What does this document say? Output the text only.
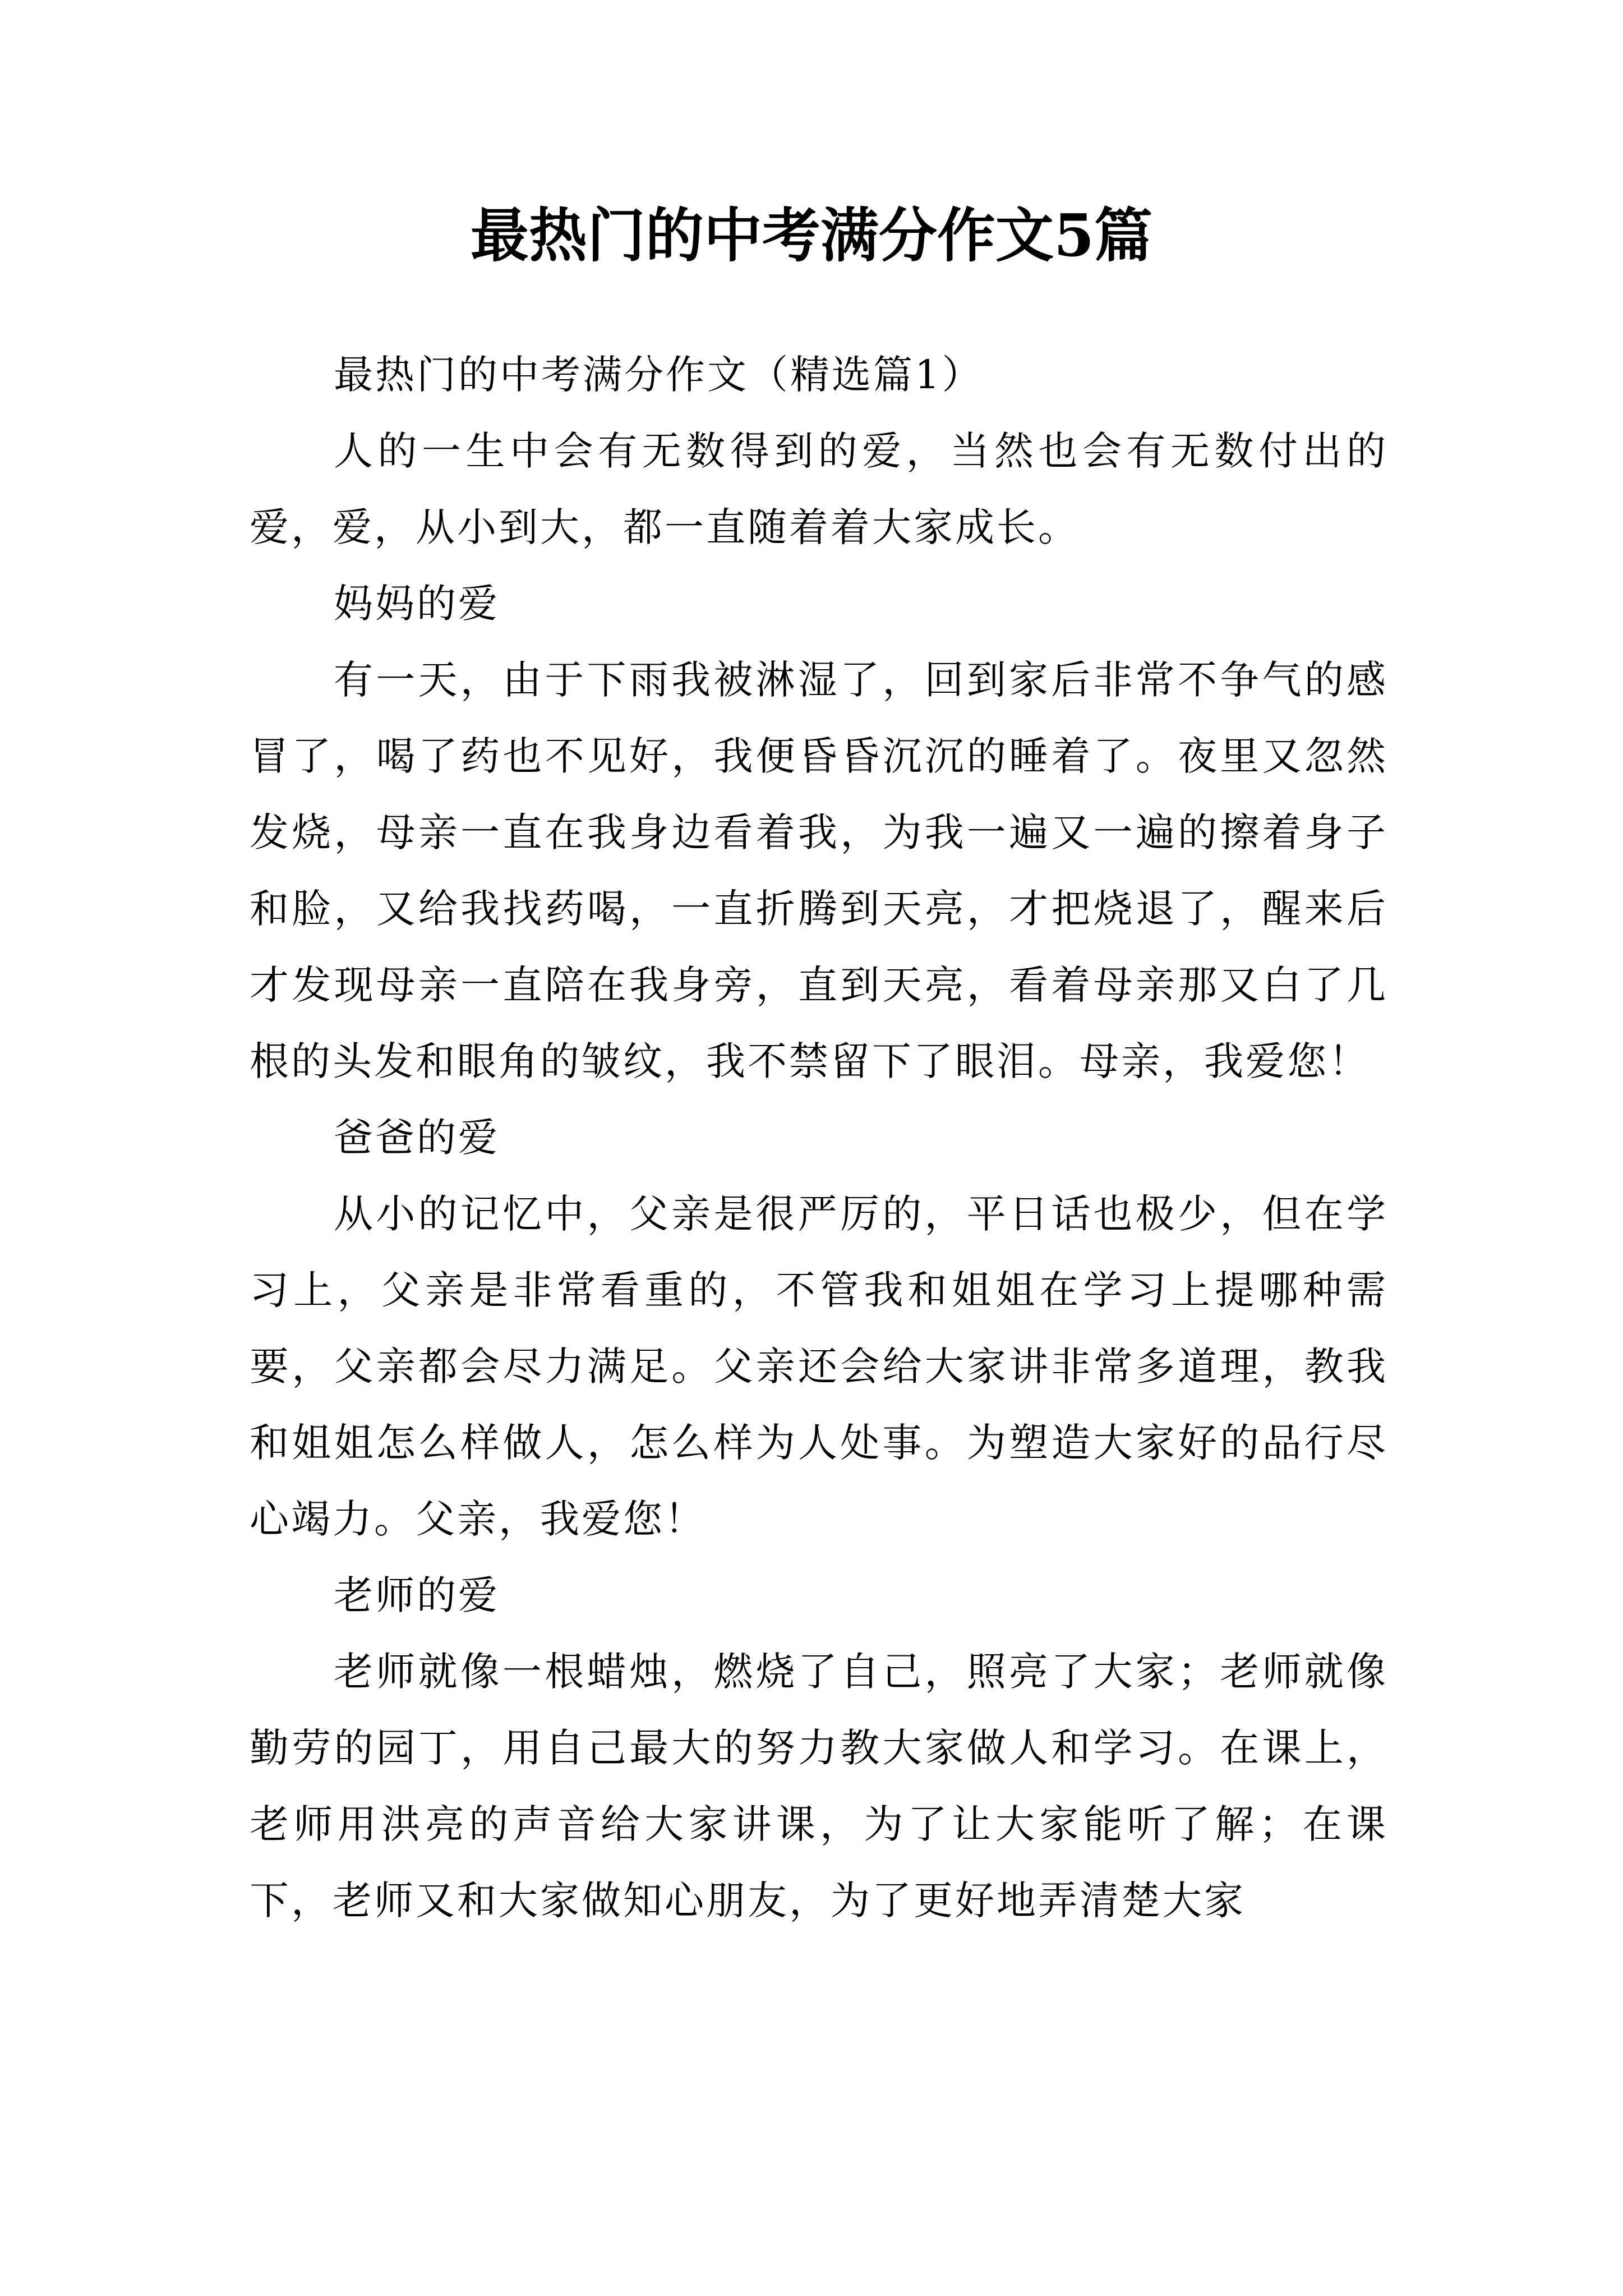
最热门的中考满分作文5篇

最热门的中考满分作文（精选篇1）

人的一生中会有无数得到的爱，当然也会有无数付出的爱，爱，从小到大，都一直随着着大家成长。

妈妈的爱

有一天，由于下雨我被淋湿了，回到家后非常不争气的感冒了，喝了药也不见好，我便昏昏沉沉的睡着了。夜里又忽然发烧，母亲一直在我身边看着我，为我一遍又一遍的擦着身子和脸，又给我找药喝，一直折腾到天亮，才把烧退了，醒来后才发现母亲一直陪在我身旁，直到天亮，看着母亲那又白了几根的头发和眼角的皱纹，我不禁留下了眼泪。母亲，我爱您！

爸爸的爱

从小的记忆中，父亲是很严厉的，平日话也极少，但在学习上，父亲是非常看重的，不管我和姐姐在学习上提哪种需要，父亲都会尽力满足。父亲还会给大家讲非常多道理，教我和姐姐怎么样做人，怎么样为人处事。为塑造大家好的品行尽心竭力。父亲，我爱您！

老师的爱

老师就像一根蜡烛，燃烧了自己，照亮了大家；老师就像勤劳的园丁，用自己最大的努力教大家做人和学习。在课上，老师用洪亮的声音给大家讲课，为了让大家能听了解；在课下，老师又和大家做知心朋友，为了更好地弄清楚大家
